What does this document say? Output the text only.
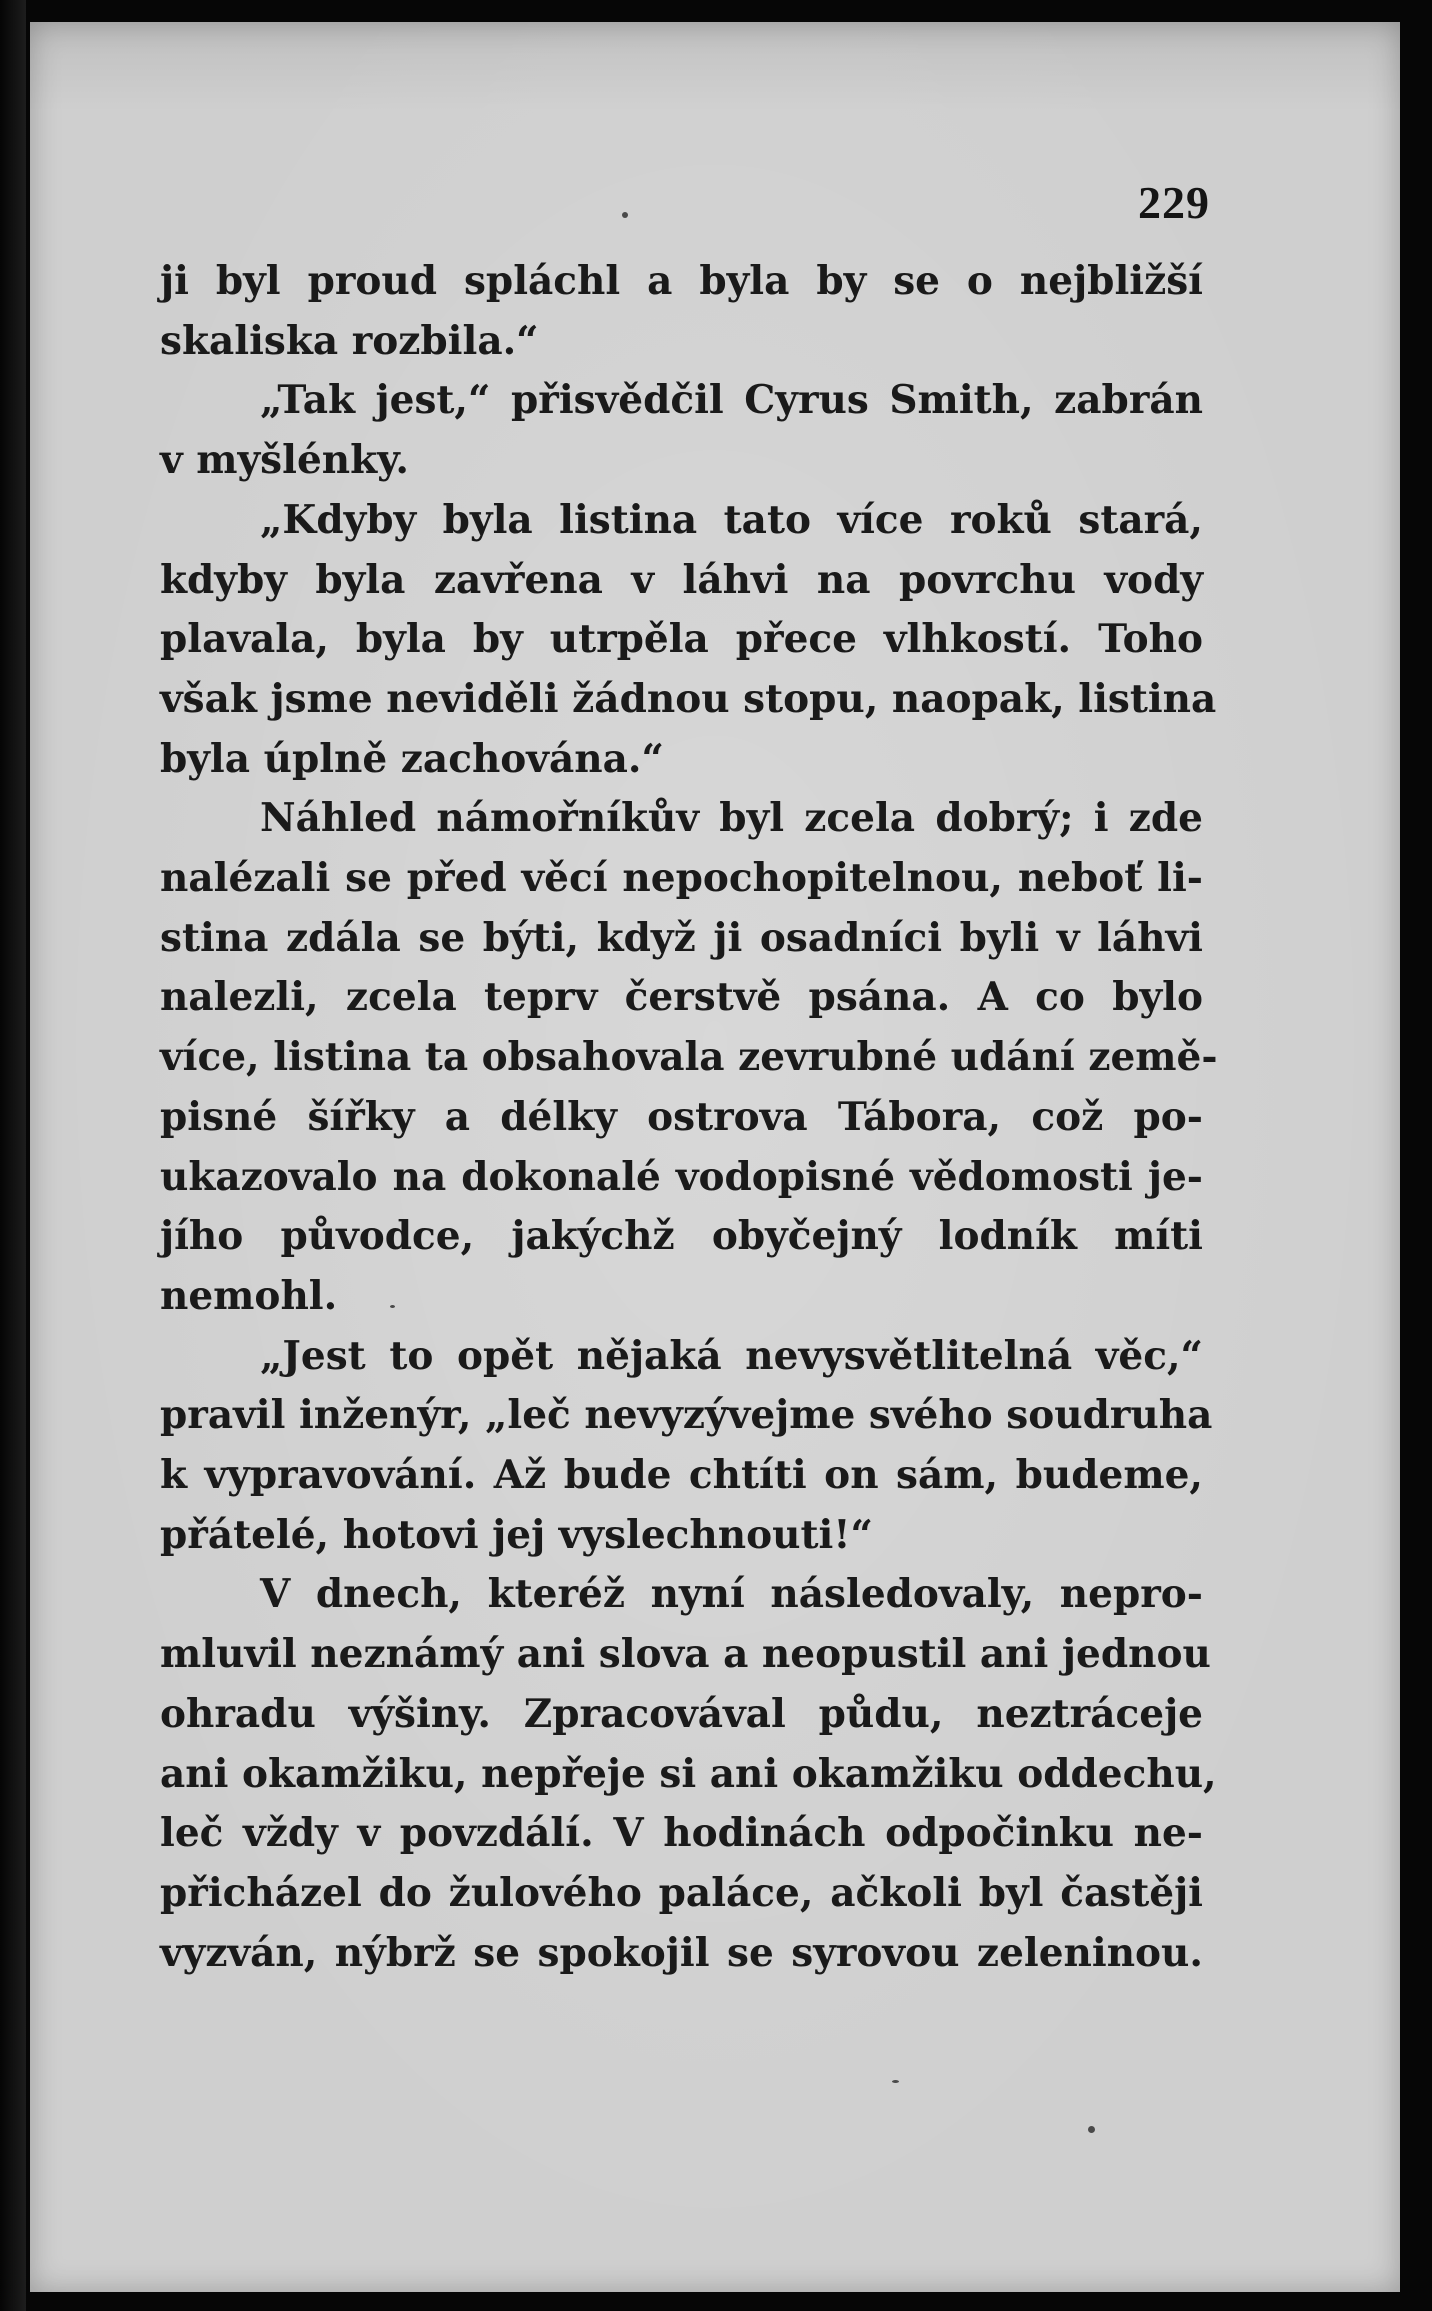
229
ji byl proud spláchl a byla by se o nejbližší
skaliska rozbila.“
„Tak jest,“ přisvědčil Cyrus Smith, zabrán
v myšlénky.
„Kdyby byla listina tato více roků stará,
kdyby byla zavřena v láhvi na povrchu vody
plavala, byla by utrpěla přece vlhkostí. Toho
však jsme neviděli žádnou stopu, naopak, listina
byla úplně zachována.“
Náhled námořníkův byl zcela dobrý; i zde
nalézali se před věcí nepochopitelnou, neboť li-
stina zdála se býti, když ji osadníci byli v láhvi
nalezli, zcela teprv čerstvě psána. A co bylo
více, listina ta obsahovala zevrubné udání země-
pisné šířky a délky ostrova Tábora, což po-
ukazovalo na dokonalé vodopisné vědomosti je-
jího původce, jakýchž obyčejný lodník míti
nemohl.
„Jest to opět nějaká nevysvětlitelná věc,“
pravil inženýr, „leč nevyzývejme svého soudruha
k vypravování. Až bude chtíti on sám, budeme,
přátelé, hotovi jej vyslechnouti!“
V dnech, kteréž nyní následovaly, nepro-
mluvil neznámý ani slova a neopustil ani jednou
ohradu výšiny. Zpracovával půdu, neztráceje
ani okamžiku, nepřeje si ani okamžiku oddechu,
leč vždy v povzdálí. V hodinách odpočinku ne-
přicházel do žulového paláce, ačkoli byl častěji
vyzván, nýbrž se spokojil se syrovou zeleninou.
